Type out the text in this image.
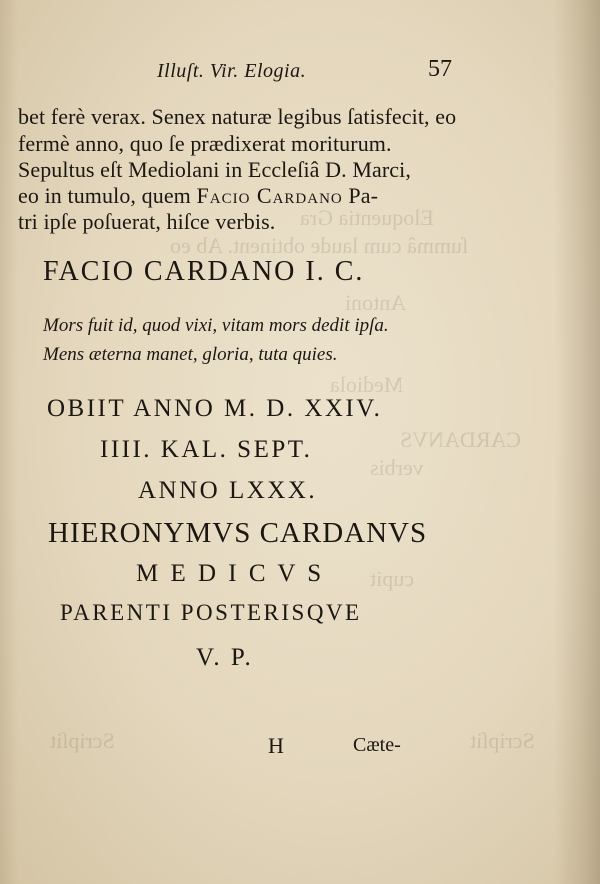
Eloquentia Gra
ſummâ cum laude obtinent. Ab eo
Antoni
Mediola
CARDANVS
verbis
cupit
Scripſit	Scripſit
Illuſt. Vir. Elogia.	57
bet ferè verax. Senex naturæ legibus ſatisfecit, eo
fermè anno, quo ſe prædixerat moriturum.
Sepultus eſt Mediolani in Eccleſiâ D. Marci,
eo in tumulo, quem Facio Cardano Pa-
tri ipſe poſuerat, hiſce verbis.
FACIO CARDANO I. C.
Mors fuit id, quod vixi, vitam mors dedit ipſa.
Mens æterna manet, gloria, tuta quies.
OBIIT ANNO M. D. XXIV.
IIII. KAL. SEPT.
ANNO LXXX.
HIERONYMVS CARDANVS
M E D I C V S
PARENTI POSTERISQVE
V. P.
H	Cæte-
